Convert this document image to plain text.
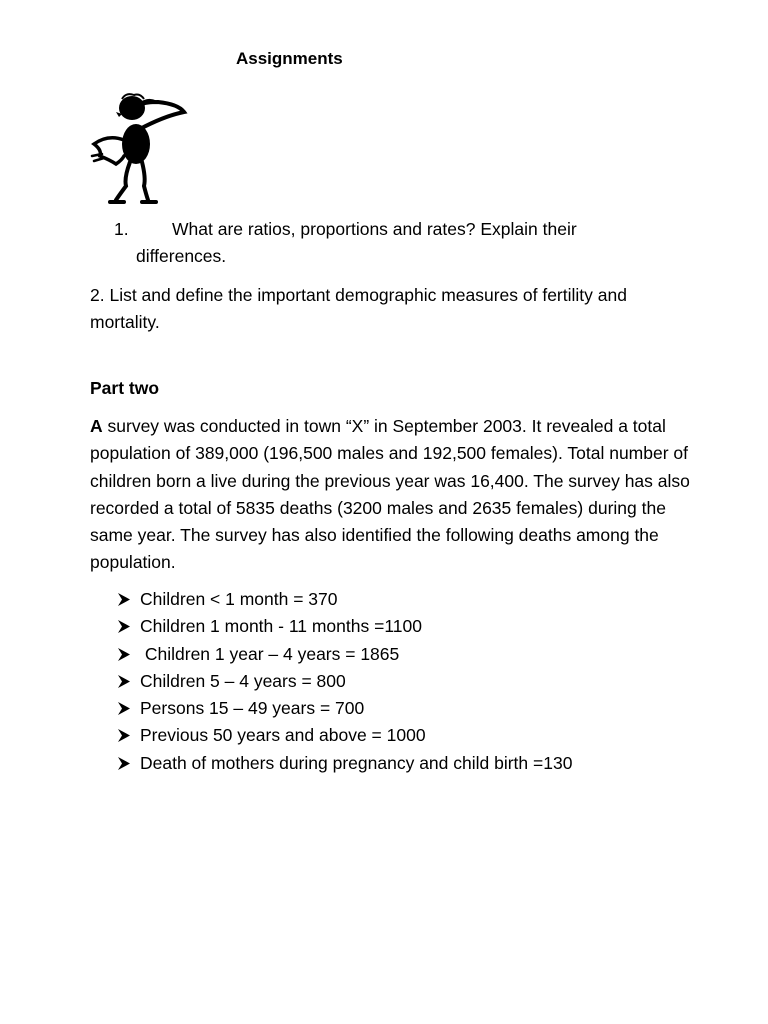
Assignments
1.	What are ratios, proportions and rates? Explain their
differences.
2. List and define the important demographic measures of fertility and mortality.
Part two
A survey was conducted in town “X” in September 2003. It revealed a total population of 389,000 (196,500 males and 192,500 females). Total number of children born a live during the previous year was 16,400. The survey has also recorded a total of 5835 deaths (3200 males and 2635 females) during the same year. The survey has also identified the following deaths among the population.
Children < 1 month = 370
Children 1 month - 11 months =1100
Children 1 year – 4 years = 1865
Children 5 – 4 years = 800
Persons 15 – 49 years = 700
Previous 50 years and above = 1000
Death of mothers during pregnancy and child birth =130
